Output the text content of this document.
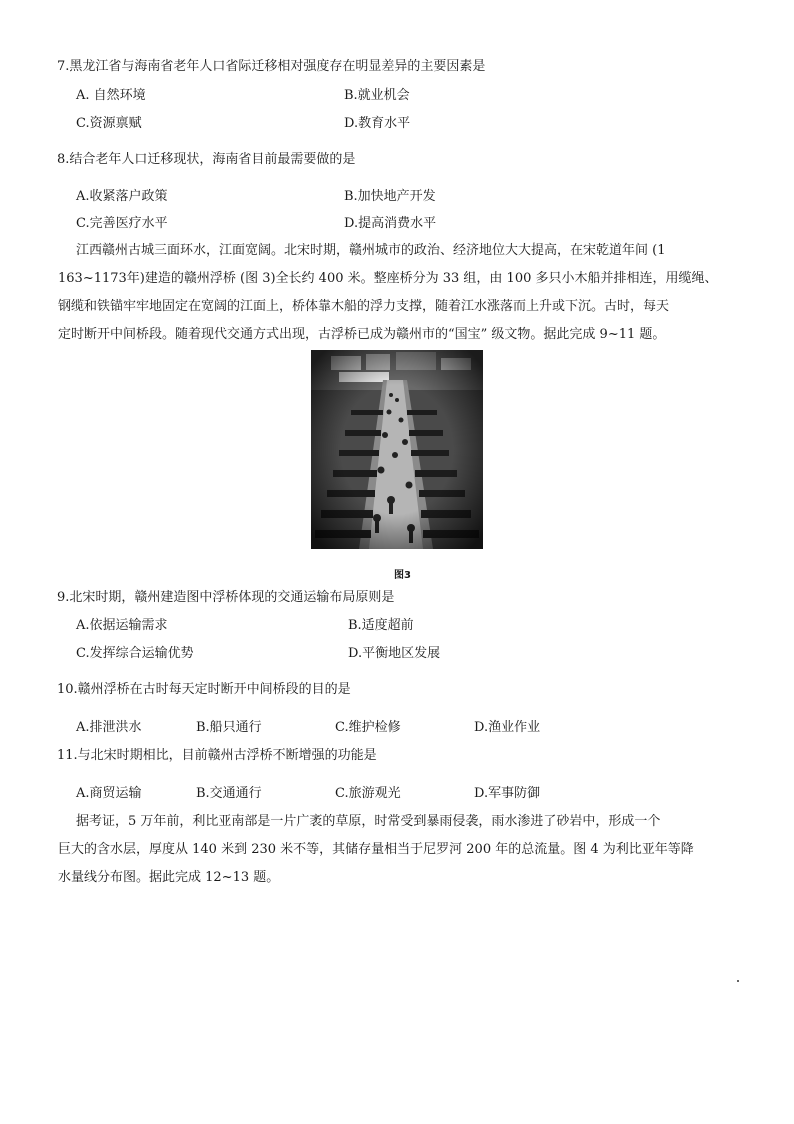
7.黑龙江省与海南省老年人口省际迁移相对强度存在明显差异的主要因素是
A. 自然环境	B.就业机会
C.资源禀赋	D.教育水平
8.结合老年人口迁移现状，海南省目前最需要做的是
A.收紧落户政策	B.加快地产开发
C.完善医疗水平	D.提高消费水平
江西赣州古城三面环水，江面宽阔。北宋时期，赣州城市的政治、经济地位大大提高，在宋乾道年间 (1
163~1173年)建造的赣州浮桥 (图 3)全长约 400 米。整座桥分为 33 组，由 100 多只小木船并排相连，用缆绳、
钢缆和铁锚牢牢地固定在宽阔的江面上，桥体靠木船的浮力支撑，随着江水涨落而上升或下沉。古时，每天
定时断开中间桥段。随着现代交通方式出现，古浮桥已成为赣州市的“国宝” 级文物。据此完成 9~11 题。
图3
9.北宋时期，赣州建造图中浮桥体现的交通运输布局原则是
A.依据运输需求	B.适度超前
C.发挥综合运输优势	D.平衡地区发展
10.赣州浮桥在古时每天定时断开中间桥段的目的是
A.排泄洪水	B.船只通行	C.维护检修	D.渔业作业
11.与北宋时期相比，目前赣州古浮桥不断增强的功能是
A.商贸运输	B.交通通行	C.旅游观光	D.军事防御
据考证，5 万年前，利比亚南部是一片广袤的草原，时常受到暴雨侵袭，雨水渗进了砂岩中，形成一个
巨大的含水层，厚度从 140 米到 230 米不等，其储存量相当于尼罗河 200 年的总流量。图 4 为利比亚年等降
水量线分布图。据此完成 12~13 题。
